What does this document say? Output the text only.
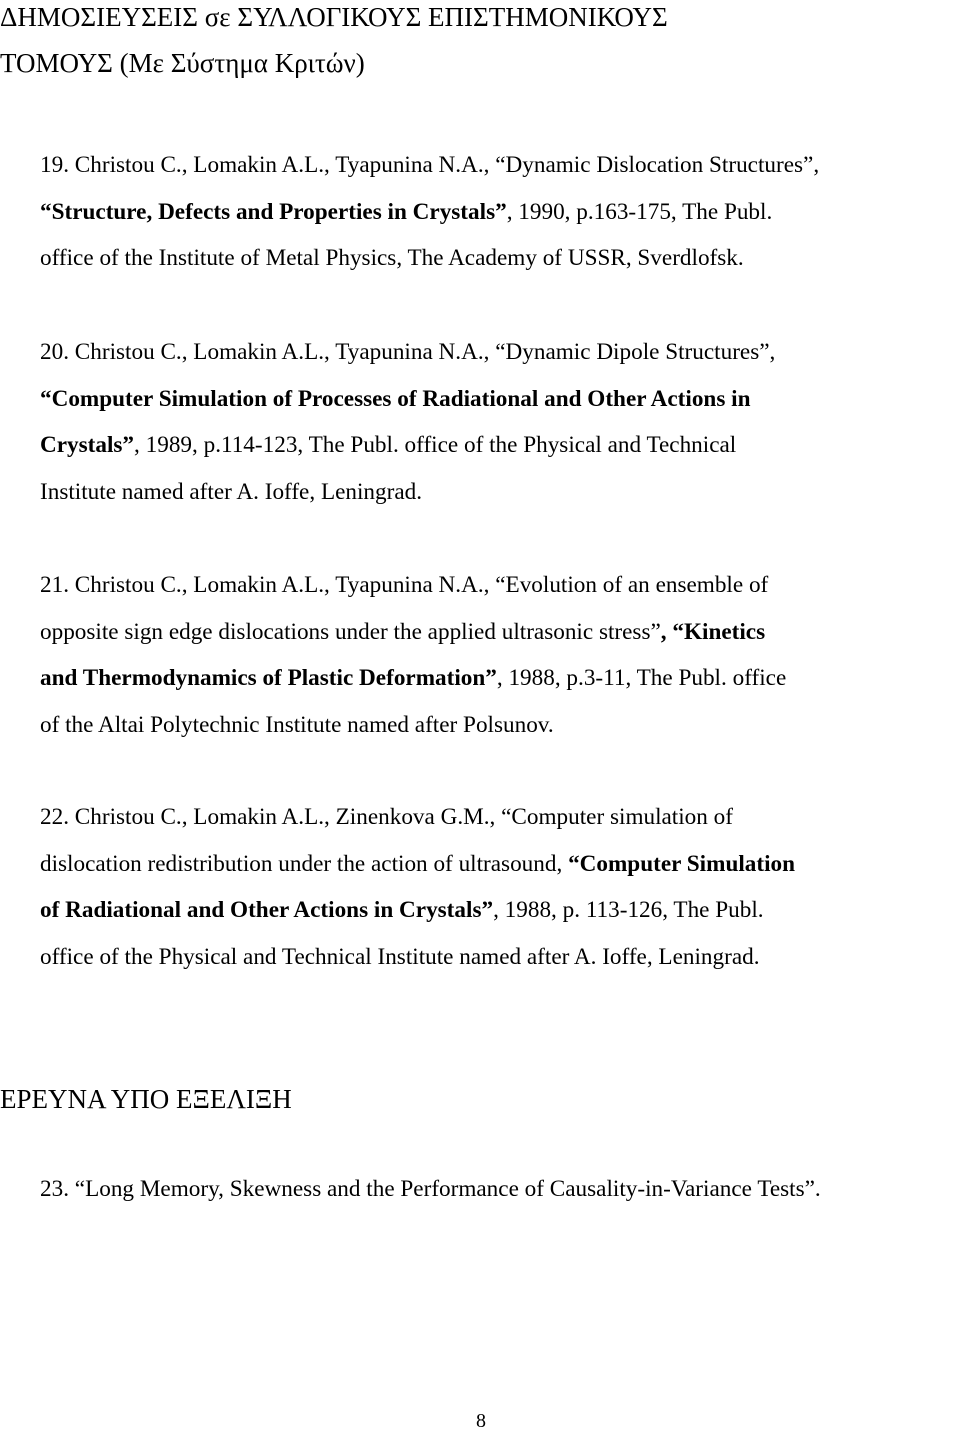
ΔΗΜΟΣΙΕΥΣΕΙΣ σε ΣΥΛΛΟΓΙΚΟΥΣ ΕΠΙΣΤΗΜΟΝΙΚΟΥΣ
ΤΟΜΟΥΣ (Με Σύστημα Κριτών)
19. Christou C., Lomakin A.L., Tyapunina N.A., “Dynamic Dislocation Structures”,
“Structure, Defects and Properties in Crystals”, 1990, p.163-175, The Publ.
office of the Institute of Metal Physics, The Academy of USSR, Sverdlofsk.
20. Christou C., Lomakin A.L., Tyapunina N.A., “Dynamic Dipole Structures”,
“Computer Simulation of Processes of Radiational and Other Actions in
Crystals”, 1989, p.114-123, The Publ. office of the Physical and Technical
Institute named after A. Ioffe, Leningrad.
21. Christou C., Lomakin A.L., Tyapunina N.A., “Evolution of an ensemble of
opposite sign edge dislocations under the applied ultrasonic stress”, “Kinetics
and Thermodynamics of Plastic Deformation”, 1988, p.3-11, The Publ. office
of the Altai Polytechnic Institute named after Polsunov.
22. Christou C., Lomakin A.L., Zinenkova G.M., “Computer simulation of
dislocation redistribution under the action of ultrasound, “Computer Simulation
of Radiational and Other Actions in Crystals”, 1988, p. 113-126, The Publ.
office of the Physical and Technical Institute named after A. Ioffe, Leningrad.
ΕΡΕΥΝΑ ΥΠΟ ΕΞΕΛΙΞΗ
23. “Long Memory, Skewness and the Performance of Causality-in-Variance Tests”.
8
